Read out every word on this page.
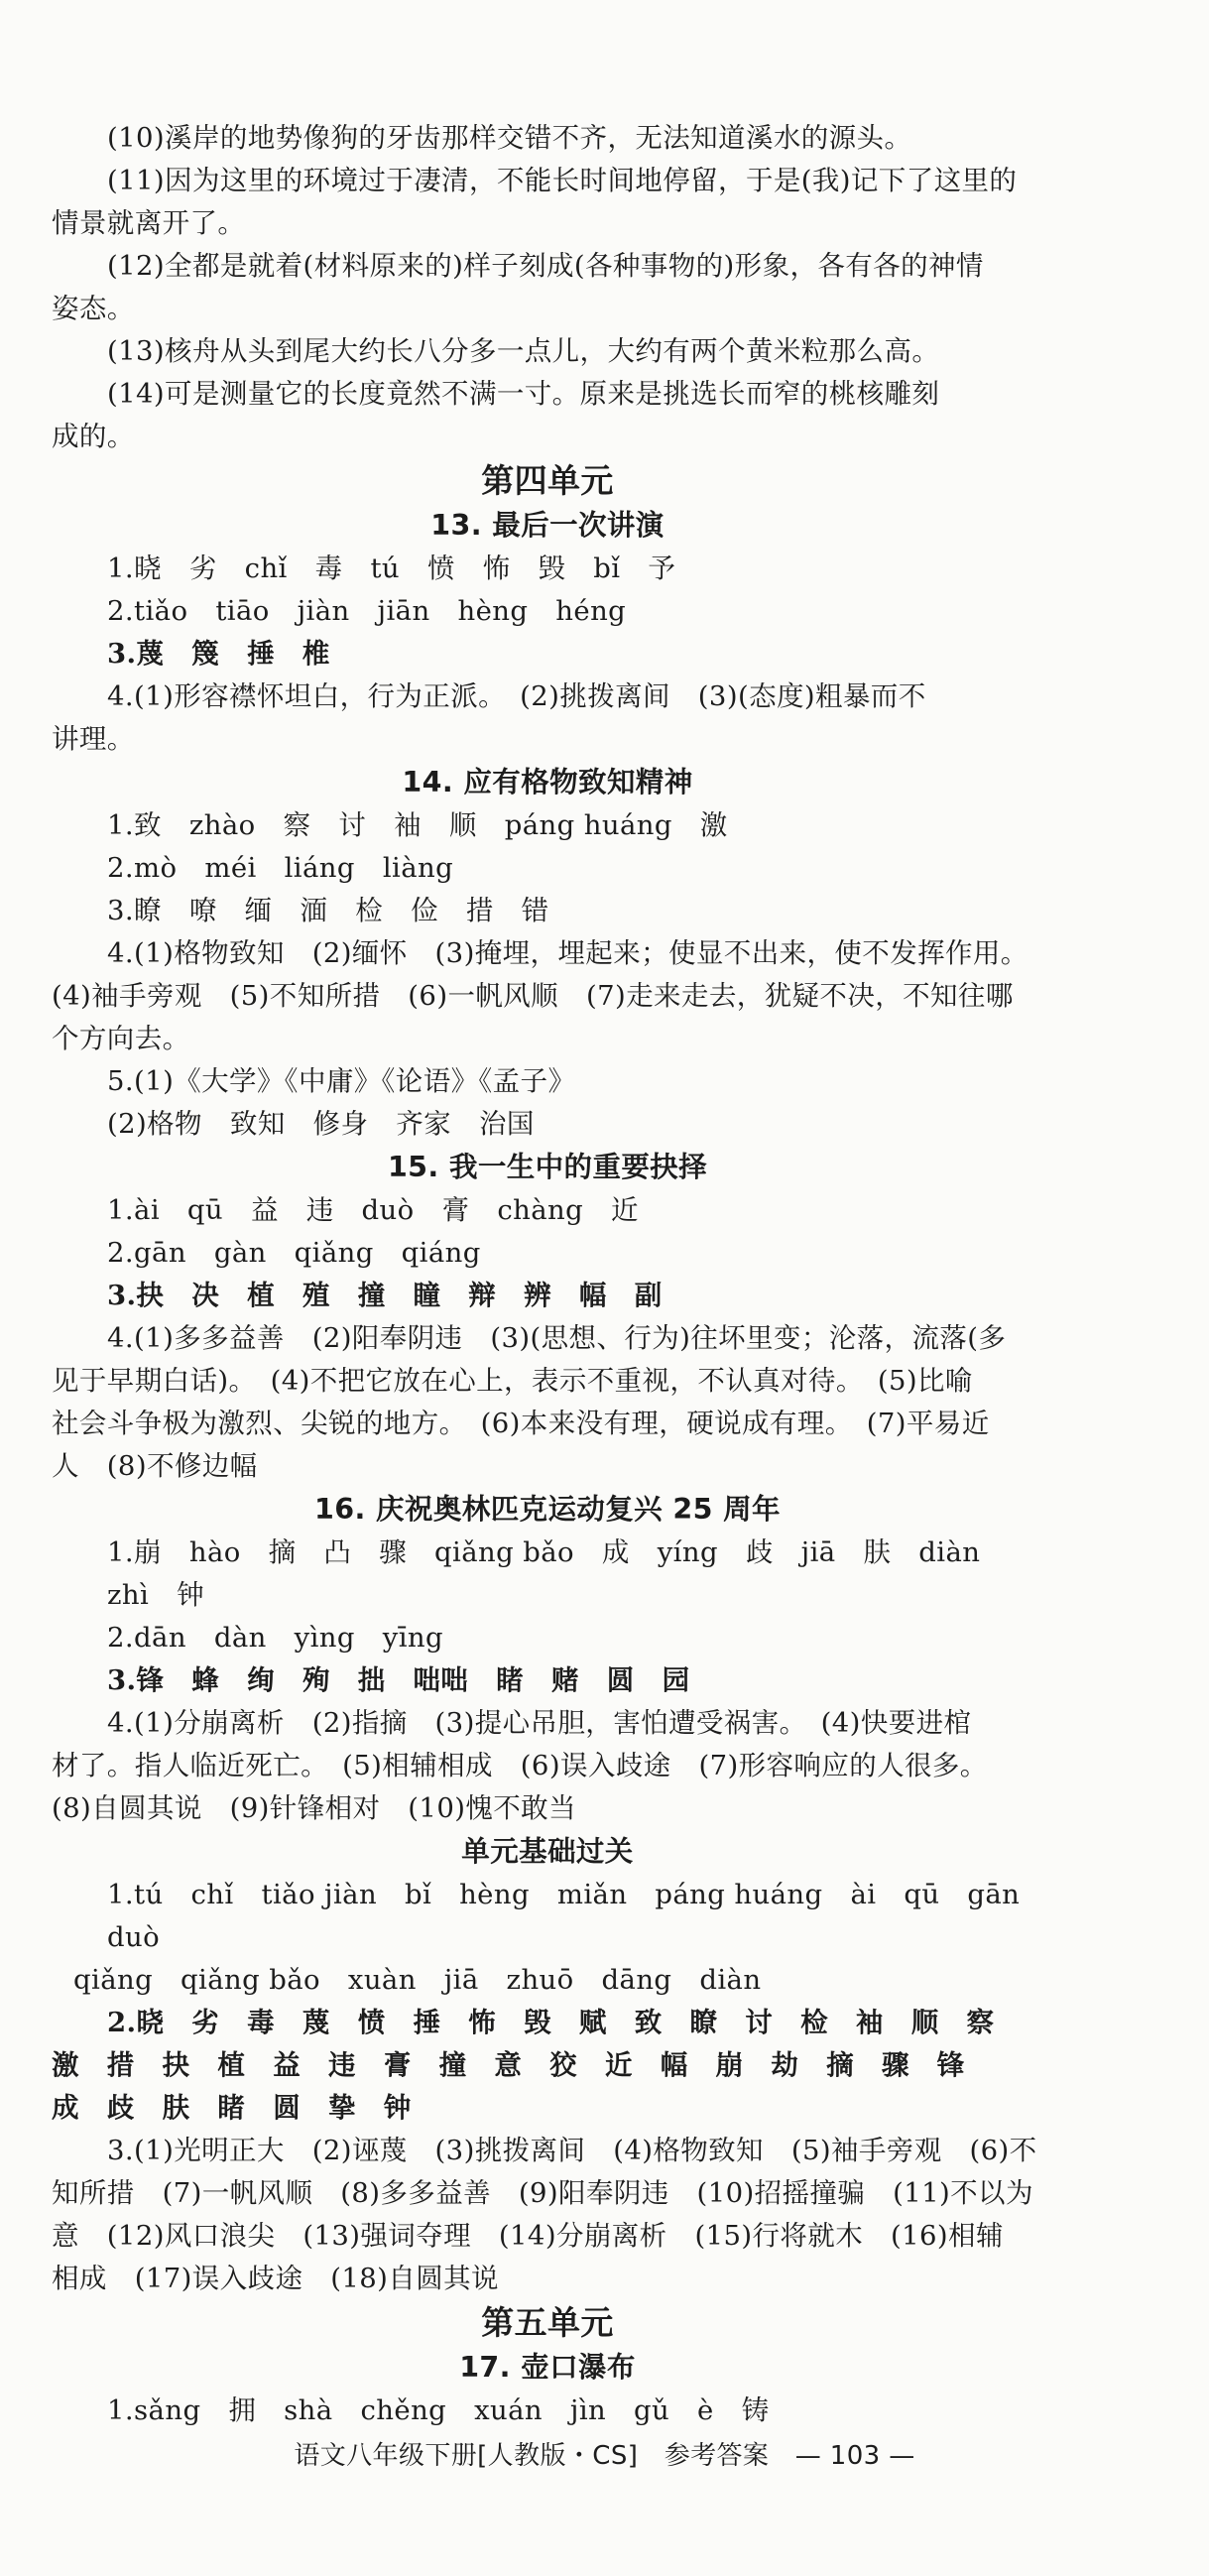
(10)溪岸的地势像狗的牙齿那样交错不齐，无法知道溪水的源头。

(11)因为这里的环境过于凄清，不能长时间地停留，于是(我)记下了这里的

情景就离开了。

(12)全都是就着(材料原来的)样子刻成(各种事物的)形象，各有各的神情

姿态。

(13)核舟从头到尾大约长八分多一点儿，大约有两个黄米粒那么高。

(14)可是测量它的长度竟然不满一寸。原来是挑选长而窄的桃核雕刻

成的。

第四单元

13. 最后一次讲演

1.晓　劣　chǐ　毒　tú　愤　怖　毁　bǐ　予

2.tiǎo　tiāo　jiàn　jiān　hèng　héng

3.蔑　篾　捶　椎

4.(1)形容襟怀坦白，行为正派。　(2)挑拨离间　(3)(态度)粗暴而不

讲理。

14. 应有格物致知精神

1.致　zhào　察　讨　袖　顺　páng huáng　激

2.mò　méi　liáng　liàng

3.瞭　嘹　缅　湎　检　俭　措　错

4.(1)格物致知　(2)缅怀　(3)掩埋，埋起来；使显不出来，使不发挥作用。

(4)袖手旁观　(5)不知所措　(6)一帆风顺　(7)走来走去，犹疑不决，不知往哪

个方向去。

5.(1)《大学》《中庸》《论语》《孟子》

(2)格物　致知　修身　齐家　治国

15. 我一生中的重要抉择

1.ài　qū　益　违　duò　膏　chàng　近

2.gān　gàn　qiǎng　qiáng

3.抉　决　植　殖　撞　瞳　辩　辨　幅　副

4.(1)多多益善　(2)阳奉阴违　(3)(思想、行为)往坏里变；沦落，流落(多

见于早期白话)。　(4)不把它放在心上，表示不重视，不认真对待。　(5)比喻

社会斗争极为激烈、尖锐的地方。　(6)本来没有理，硬说成有理。　(7)平易近

人　(8)不修边幅

16. 庆祝奥林匹克运动复兴 25 周年

1.崩　hào　摘　凸　骤　qiǎng bǎo　成　yíng　歧　jiā　肤　diàn　zhì　钟

2.dān　dàn　yìng　yīng

3.锋　蜂　绚　殉　拙　咄咄　睹　赌　圆　园

4.(1)分崩离析　(2)指摘　(3)提心吊胆，害怕遭受祸害。　(4)快要进棺

材了。指人临近死亡。　(5)相辅相成　(6)误入歧途　(7)形容响应的人很多。

(8)自圆其说　(9)针锋相对　(10)愧不敢当

单元基础过关

1.tú　chǐ　tiǎo jiàn　bǐ　hèng　miǎn　páng huáng　ài　qū　gān　duò

qiǎng　qiǎng bǎo　xuàn　jiā　zhuō　dāng　diàn

2.晓　劣　毒　蔑　愤　捶　怖　毁　赋　致　瞭　讨　检　袖　顺　察

激　措　抉　植　益　违　膏　撞　意　狡　近　幅　崩　劫　摘　骤　锋

成　歧　肤　睹　圆　挚　钟

3.(1)光明正大　(2)诬蔑　(3)挑拨离间　(4)格物致知　(5)袖手旁观　(6)不

知所措　(7)一帆风顺　(8)多多益善　(9)阳奉阴违　(10)招摇撞骗　(11)不以为

意　(12)风口浪尖　(13)强词夺理　(14)分崩离析　(15)行将就木　(16)相辅

相成　(17)误入歧途　(18)自圆其说

第五单元

17. 壶口瀑布

1.sǎng　拥　shà　chěng　xuán　jìn　gǔ　è　铸

语文八年级下册[人教版・CS]　参考答案　— 103 —
